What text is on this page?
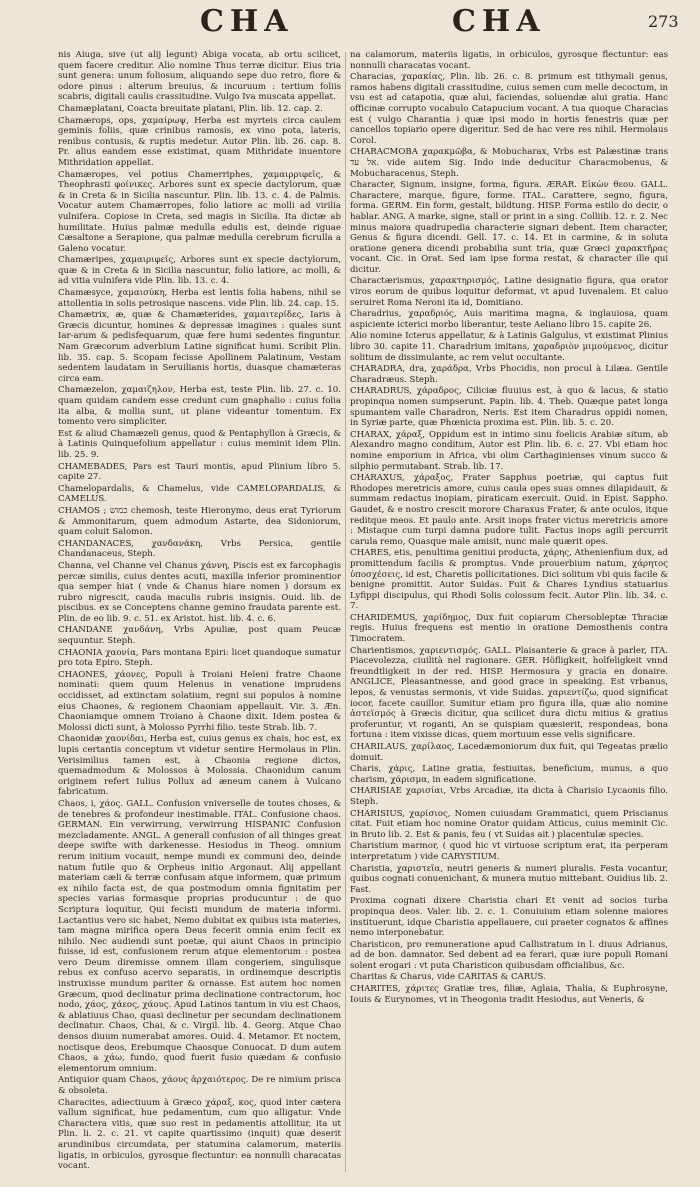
CHA	CHA	273

nis Aiuga, sive (ut alij legunt) Abiga vocata, ab ortu scilicet, quem facere creditur. Alio nomine Thus terræ dicitur. Eius tria sunt genera: unum foliosum, aliquando sepe duo retro, flore & odore pinus : alterum breuius, & incuruum : tertium foliis scabris, digitali caulis crassitudine. Vulgo Iva muscata appellat.

Chamæplatani, Coacta breuitate platani, Plin. lib. 12. cap. 2.

Chamærops, ops, χαμαίρωψ, Herba est myrteis circa caulem geminis foliis, quæ crinibus ramosis, ex vino pota, lateris, renibus contusis, & ruptis medetur. Autor Plin. lib. 26. cap. 8. Pr. alius eandem esse existimat, quam Mithridate inuentore Mithridation appellat.

Chamæropes, vel potius Chamerriphes, χαμαιρριφεῖς, & Theophrasti φοίνικες. Arbores sunt ex specie dactylorum, quæ & in Creta & in Sicilia nascuntur. Plin. lib. 13. c. 4. de Palmis. Vocatur autem Chamærropes, folio latiore ac molli ad virilia vulnifera. Copiose in Creta, sed magis in Sicilia. Ita dictæ ab humilitate. Huius palmæ medulla edulis est, deinde riguae Cæsaltone a Serapione, qua palmæ medulla cerebrum ficrulla a Galeno vocatur.

Chamæripes, χαμαιριφεῖς, Arbores sunt ex specie dactylorum, quæ & in Creta & in Sicilia nascuntur, folio latiore, ac molli, & ad vitia vulnifera vide Plin. lib. 13. c. 4.

Chamæsyce, χαμαισύκη, Herba est lentis folia habens, nihil se attollentia in solis petrosique nascens. vide Plin. lib. 24. cap. 15.

Chamætrix, æ, quæ & Chamæterides, χαμαιτερίδες, Iaris à Græcis dicuntur, homines & depressæ imagines : quales sunt Iar-arum & pedisfequarum, quæ fere humi sedentes finguntur. Nam Græcorum adverbium Latine significat humi. Scribit Plin. lib. 35. cap. 5. Scopam fecisse Apollinem Palatinum, Vestam sedentem laudatam in Seruilianis hortis, duasque chamæteras circa eam.

Chamæzelon, χαμαιζηλον, Herba est, teste Plin. lib. 27. c. 10. quam quidam candem esse credunt cum gnaphalio : cuius folia ita alba, & mollia sunt, ut plane videantur tomentum. Ex tomento vero simpliciter.

Est & aliud Chamæzeli genus, quod & Pentaphyllon à Græcis, & à Latinis Quinquefolium appellatur : cuius meminit idem Plin. lib. 25. 9.

CHAMEBADES, Pars est Tauri montis, apud Plinium libro 5. capite 27.

Chamelopardalis, & Chamelus, vide CAMELOPARDALIS, & CAMELUS.

CHAMOS ; כמוש chemosh, teste Hieronymo, deus erat Tyriorum & Ammonitarum, quem admodum Astarte, dea Sidoniorum, quam coluit Salomon.

CHANDANACES, χανδανάκη, Vrbs Persica, gentile Chandanaceus, Steph.

Channa, vel Channe vel Chanus χάννη, Piscis est ex farcophagis percæ similis, cuius dentes acuti, maxilla inferior prominentior qua semper hiat ( vnde & Chanus hiare nomen ) dorsum ex rubro nigrescit, cauda maculis rubris insignis. Ouid. lib. de piscibus. ex se Conceptens channe gemino fraudata parente est. Plin. de eo lib. 9. c. 51. ex Aristot. hist. lib. 4. c. 6.

CHANDANE χανδάνη, Vrbs Apuliæ, post quam Peucæ sequuntur. Steph.

CHAONIA χαονία, Pars montana Epiri: licet quandoque sumatur pro tota Epiro. Steph.

CHAONES, χάονες, Populi à Troiani Heleni fratre Chaone nominati: quem quum Helenus in venatione imprudens occidisset, ad extinctam solatium, regni sui populos à nomine eius Chaones, & regionem Chaoniam appellauit. Vir. 3. Æn. Chaoniamque omnem Troiano à Chaone dixit. Idem postea & Molossi dicti sunt, à Molosso Pyrrhi filio. teste Strab. lib. 7.

Chaonidæ χαονίδαι, Herba est, cuius genus ex chais, hoc est, ex lupis certantis conceptum vt videtur sentire Hermolaus in Plin. Verisimilius tamen est, à Chaonia regione dictos, quemadmodum & Molossos à Molossia. Chaonidum canum originem refert Iulius Pollux ad æneum canem à Vulcano fabricatum.

Chaos, i, χάος. GALL. Confusion vniverselle de toutes choses, & de tenebres & profondeur inestimable. ITAL. Confusione chaos. GERMAN. Ein verwirrung, verwirrung HISPANIC Confusion mezcladamente. ANGL. A generall confusion of all thinges great deepe swifte with darkenesse. Hesiodus in Theog. omnium rerum initium vocauit, nempe mundi ex communi deo, deinde natum futile quo & Orpheus initio Argonaut. Alij appellant materiam cæli & terræ confusam atque informem, quæ primum ex nihilo facta est, de qua postmodum omnia fignitatim per species varias formasque proprias producuntur : de quo Scriptura loquitur, Qui fecisti mundum de materia informi. Lactantius vero sic habet, Nemo dubitat ex quibus ista materies, tam magna mirifica opera Deus fecerit omnia enim fecit ex nihilo. Nec audiendi sunt poetæ, qui aiunt Chaos in principio fuisse, id est, confusionem rerum atque elementorum : postea vero Deum diremisse omnem illam congeriem, singulisque rebus ex confuso acervo separatis, in ordinemque descriptis instruxisse mundum pariter & ornasse. Est autem hoc nomen Græcum, quod declinatur prima declinatione contractorum, hoc nodo, χάος, χάεος, χάους. Apud Latinos tantum in viu est Chaos, & ablatiuus Chao, quasi declinetur per secundam declinationem declinatur. Chaos, Chai, & c. Virgil. lib. 4. Georg. Atque Chao densos diuum numerabat amores. Ouid. 4. Metamor. Et noctem, noctisque deos, Erebumque Chaosque Conuocat. D dum autem Chaos, a χάω, fundo, quod fuerit fusio quædam & confusio elementorum omnium.

Antiquior quam Chaos, χάους ἀρχαιότερος. De re nimium prisca & obsoleta.

Characites, adiectiuum à Græco χάραξ, κος, quod inter cætera vallum significat, hue pedamentum, cum quo alligatur. Vnde Charactera vitis, quæ suo rest in pedamentis attollitur, ita ut Plin. li. 2. c. 21. vt capite quartissimo (inquit) quæ deserit arundinibus circumdata, per statumina calamorum, materiis ligatis, in orbiculos, gyrosque flectuntur: ea nonnulli characatas vocant.

na calamorum, materiis ligatis, in orbiculos, gyrosque flectuntur: eas nonnulli characatas vocant.

Characias, χαρακίας, Plin. lib. 26. c. 8. primum est tithymali genus, ramos habens digitali crassitudine, cuius semen cum melle decoctum, in vsu est ad catapotia, quæ alui, faciendas, soluendæ alui gratia. Hanc officinæ corrupto vocabulo Catapucium vocant. A tua quoque Characias est ( vulgo Charantia ) quæ ipsi modo in hortis fenestris quæ per cancellos topiario opere digeritur. Sed de hac vere res nihil. Hermolaus Corol.

CHARACMOBA χαρακμῶβα, & Mobucharax, Vrbs est Palæstinæ trans אל עד. vide autem Sig. Indo inde deducitur Characmobenus, & Mobucharacenus, Steph.

Character, Signum, insigne, forma, figura. ÆRAR. Εἰκὼν θεου. GALL. Charactere, marque, figure, forme. ITAL. Carattere, segno, figura, forma. GERM. Ein form, gestalt, bildtung. HISP. Forma estilo do decir, o hablar. ANG. A marke, signe, stall or print in a sing. Colliib. 12. r. 2. Nec minus maiora quadrupedia characterie signari debent. Item character, Genus & figura dicendi. Gell. 17. c. 14. Et in carmine, & in soluta oratione genera dicendi probabilia sunt tria, quæ Græci χαρακτῆρας vocant. Cic. in Orat. Sed iam ipse forma restat, & character ille qui dicitur.

Charactærismus, χαρακτηρισμός, Latine designatio figura, qua orator viros eorum de quibus loquitur deformat, vt apud Iuvenalem. Et caluo seruiret Roma Neroni ita id, Domitiano.

Charadrius, χαραδριός, Auis maritima magna, & inglauiosa, quam aspiciente icterici morbo liberantur, teste Aeliano libro 15. capite 26.

Alio nomine Icterus appellatur, & à Latinis Galgulus, vt existimat Plinius libro 30. capite 11. Charadrium imitans, χαραδριὸν μιμούμενος, dicitur solitum de dissimulante, ac rem velut occultante.

CHARADRA, dra, χαράδρα, Vrbs Phocidis, non procul à Lilæa. Gentile Charadræus. Steph.

CHARADRUS, χάραδρος, Ciliciæ fluuius est, à quo & lacus, & statio propinqua nomen sumpserunt. Papin. lib. 4. Theb. Quæque patet longa spumantem valle Charadron, Neris. Est item Charadrus oppidi nomen, in Syriæ parte, quæ Phœnicia proxima est. Plin. lib. 5. c. 20.

CHARAX, χάραξ, Oppidum est in intimo sinu foelicis Arabiæ situm, ab Alexandro magno conditum, Autor est Plin. lib. 6. c. 27. Vbi etiam hoc nomine emporium in Africa, vbi olim Carthaginienses vinum succo & silphio permutabant. Strab. lib. 17.

CHARAXUS, χάραξος, Frater Sapphus poetriæ, qui captus fuit Rhodopes meretricis amore, cuius caula opes suas omnes dilapidauit, & summam redactus inopiam, piraticam exercuit. Ouid. in Epist. Sappho. Gaudet, & e nostro crescit morore Charaxus Frater, & ante oculos, itque reditque meos. Et paulo ante. Arsit inops frater victus meretricis amore : Mistaque cum turpi damna pudore tulit. Factus inops agili percurrit carula remo, Quasque male amisit, nunc male quærit opes.

CHARES, etis, penultima genitiui producta, χάρης, Athenienfium dux, ad promittendum facilis & promptus. Vnde prouerbium natum, χάρητος ὑποσχέσεις, id est, Charetis pollicitationes. Dici solitum vbi quis facile & benigne promittit. Autor Suidas. Fuit & Chares Lyndius statuarius Lyfippi discipulus, qui Rhodi Solis colossum fecit. Autor Plin. lib. 34. c. 7.

CHARIDEMUS, χαρίδημος, Dux fuit copiarum Chersobleptæ Thraciæ regis. Huius frequens est mentio in oratione Demosthenis contra Timocratem.

Charientismos, χαριεντισμός. GALL. Plaisanterie & grace à parler, ITA. Piacevolezza, ciuilità nel ragionare. GER. Höfligkeit, holfeligkeit vnnd freundtligkeit in der red. HISP. Hermosura y gracia en donaire. ANGLICE, Pleasantnesse, and good grace in speaking. Est vrbanus, lepos, & venustas sermonis, vt vide Suidas. χαριεντίζω, quod significat iocor, facete cauillor. Sumitur etiam pro figura illa, quæ alio nomine ἀστεϊσμός à Græcis dicitur, qua scilicet dura dictu mitius & gratius proferuntur, vt roganti, An se quispiam quæsierit, respondeas, bona fortuna : item vixisse dicas, quem mortuum esse velis significare.

CHARILAUS, χαρίλαος, Lacedæmoniorum dux fuit, qui Tegeatas prælio domuit.

Charis, χάρις, Latine gratia, festiuitas, beneficium, munus, a quo charism, χάρισμα, in eadem significatione.

CHARISIAE χαρισίαι, Vrbs Arcadiæ, ita dicta à Charisio Lycaonis filio. Steph.

CHARISIUS, χαρίσιος, Nomen cuiusdam Grammatici, quem Priscianus citat. Fuit etiam hoc nomine Orator quidam Atticus, cuius meminit Cic. in Bruto lib. 2. Est & panis, feu ( vt Suidas ait ) placentulæ species.

Charistium marmor, ( quod hic vt virtuose scriptum erat, ita perperam interpretatum ) vide CARYSTIUM.

Charistia, χαριστεῖα, neutri generis & numeri pluralis. Festa vocantur, quibus cognati conuenichant, & munera mutuo mittebant. Ouidius lib. 2. Fast.

Proxima cognati dixere Charistia chari Et venit ad socios turba propinqua deos. Valer. lib. 2. c. 1. Conuiuium etiam solenne maiores instituerunt, idque Charistia appellauere, cui praeter cognatos & affines nemo interponebatur.

Charisticon, pro remuneratione apud Callistratum in l. diuus Adrianus, ad de bon. damnator. Sed debent ad ea ferari, quæ iure populi Romani solent erogari : vt puta Charisticon quibusdam officialibus, &c.

Charitas & Charus, vide CARITAS & CARUS.

CHARITES, χάριτες Gratiæ tres, filiæ, Aglaia, Thalia, & Euphrosyne, Iouis & Eurynomes, vt in Theogonia tradit Hesiodus, aut Veneris, &
